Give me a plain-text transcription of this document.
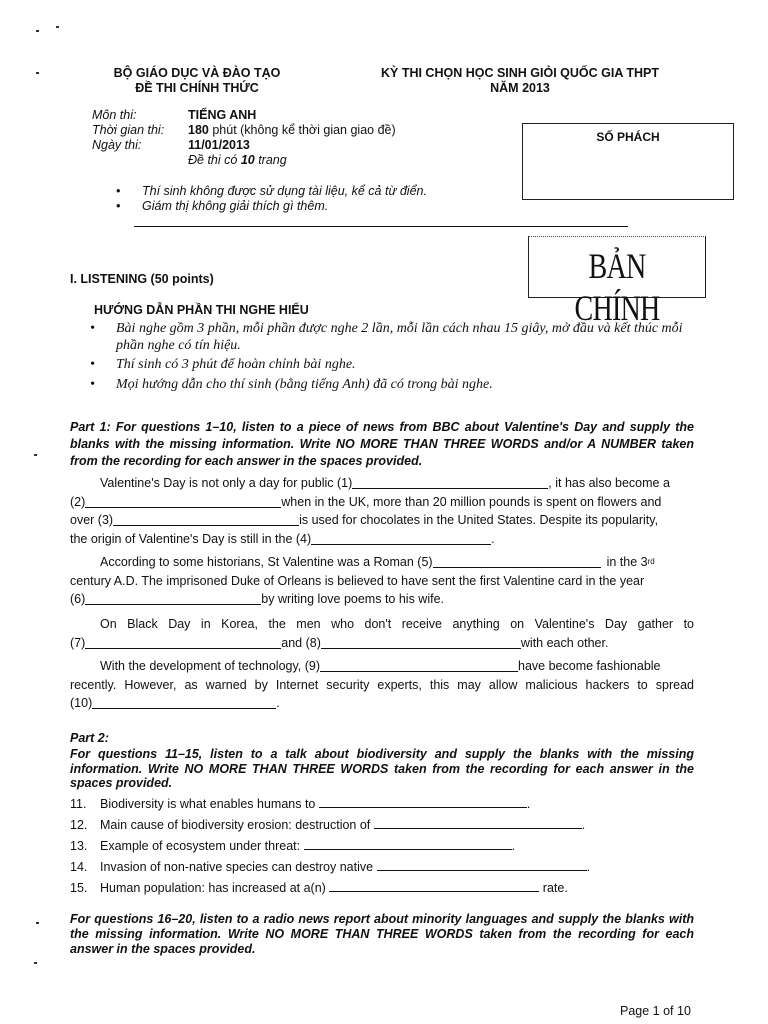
BỘ GIÁO DỤC VÀ ĐÀO TẠO
ĐỀ THI CHÍNH THỨC
KỲ THI CHỌN HỌC SINH GIỎI QUỐC GIA THPT
NĂM 2013
Môn thi:	TIẾNG ANH
Thời gian thi:	180 phút (không kể thời gian giao đề)
Ngày thi:	11/01/2013
Đề thi có 10 trang
SỐ PHÁCH
• Thí sinh không được sử dụng tài liệu, kể cả từ điển.
• Giám thị không giải thích gì thêm.
BẢN CHÍNH
I. LISTENING (50 points)
HƯỚNG DẪN PHẦN THI NGHE HIỂU
• Bài nghe gồm 3 phần, mỗi phần được nghe 2 lần, mỗi lần cách nhau 15 giây, mở đầu và kết thúc mỗi phần nghe có tín hiệu.
• Thí sinh có 3 phút để hoàn chỉnh bài nghe.
• Mọi hướng dẫn cho thí sinh (bằng tiếng Anh) đã có trong bài nghe.
Part 1: For questions 1–10, listen to a piece of news from BBC about Valentine's Day and supply the blanks with the missing information. Write NO MORE THAN THREE WORDS and/or A NUMBER taken from the recording for each answer in the spaces provided.
Valentine's Day is not only a day for public (1)	, it has also become a
(2)	when in the UK, more than 20 million pounds is spent on flowers and
over (3)	is used for chocolates in the United States. Despite its popularity,
the origin of Valentine's Day is still in the (4)	.
According to some historians, St Valentine was a Roman (5)	in the 3 rd
century A.D. The imprisoned Duke of Orleans is believed to have sent the first Valentine card in the year
(6)	by writing love poems to his wife.
On Black Day in Korea, the men who don't receive anything on Valentine's Day gather to
(7)	and (8)	with each other.
With the development of technology, (9)	have become fashionable
recently. However, as warned by Internet security experts, this may allow malicious hackers to spread
(10)	.
Part 2:
For questions 11–15, listen to a talk about biodiversity and supply the blanks with the missing information. Write NO MORE THAN THREE WORDS taken from the recording for each answer in the spaces provided.
11. Biodiversity is what enables humans to	.
12. Main cause of biodiversity erosion: destruction of	.
13. Example of ecosystem under threat:	.
14. Invasion of non-native species can destroy native	.
15. Human population: has increased at a(n)	rate.
For questions 16–20, listen to a radio news report about minority languages and supply the blanks with the missing information. Write NO MORE THAN THREE WORDS taken from the recording for each answer in the spaces provided.
Page 1 of 10
